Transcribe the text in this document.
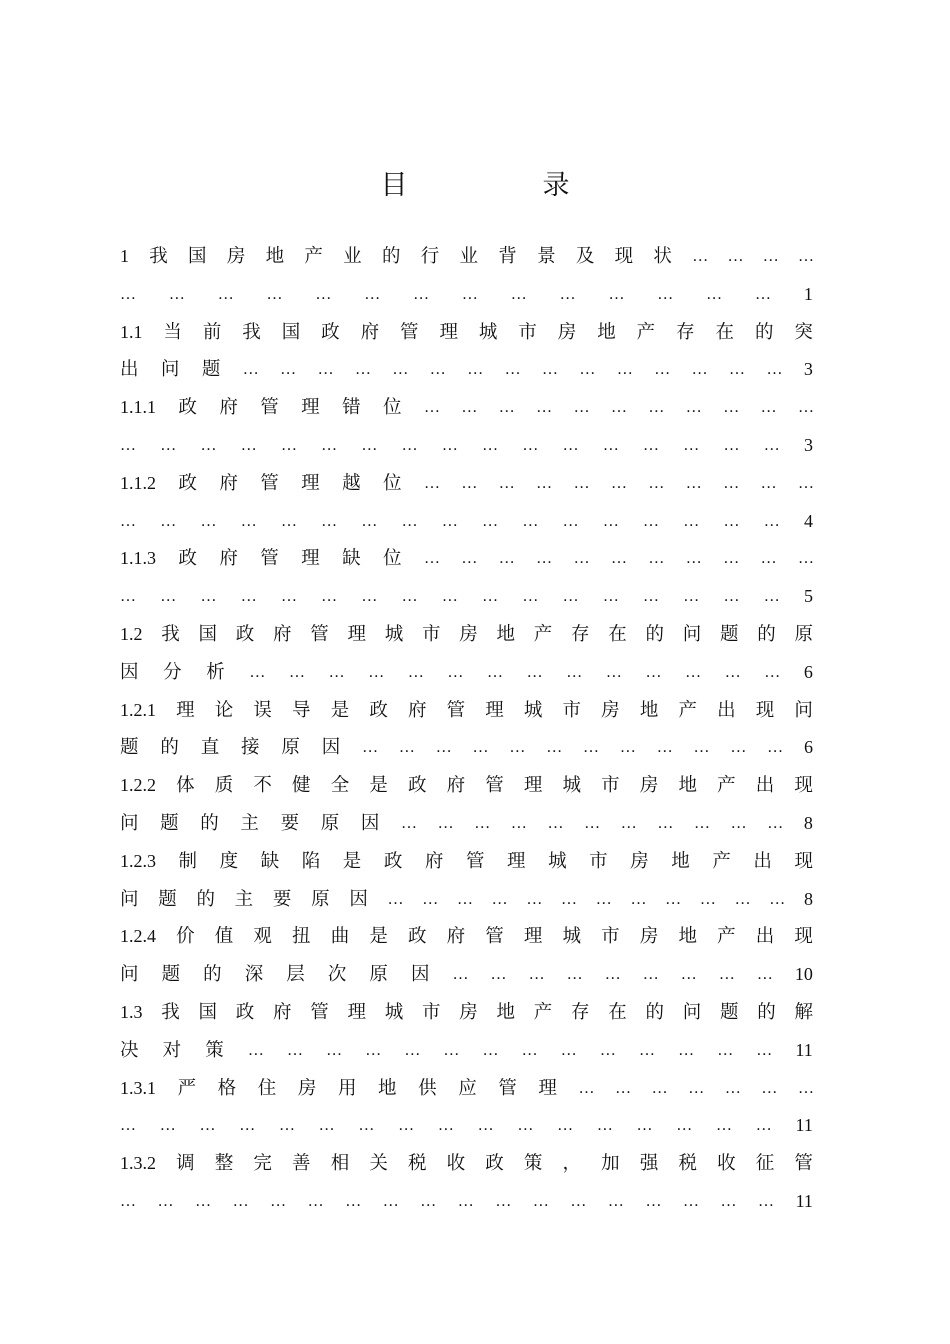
目　录
1 我 国 房 地 产 业 的 行 业 背 景 及 现 状 … … … …
… … … … … … … … … … … … … … 1
1.1 当 前 我 国 政 府 管 理 城 市 房 地 产 存 在 的 突
出 问 题 … … … … … … … … … … … … … … … 3
1.1.1 政 府 管 理 错 位 … … … … … … … … … … …
… … … … … … … … … … … … … … … … … 3
1.1.2 政 府 管 理 越 位 … … … … … … … … … … …
… … … … … … … … … … … … … … … … … 4
1.1.3 政 府 管 理 缺 位 … … … … … … … … … … …
… … … … … … … … … … … … … … … … … 5
1.2 我 国 政 府 管 理 城 市 房 地 产 存 在 的 问 题 的 原
因 分 析 … … … … … … … … … … … … … … 6
1.2.1 理 论 误 导 是 政 府 管 理 城 市 房 地 产 出 现 问
题 的 直 接 原 因 … … … … … … … … … … … … 6
1.2.2 体 质 不 健 全 是 政 府 管 理 城 市 房 地 产 出 现
问 题 的 主 要 原 因 … … … … … … … … … … … 8
1.2.3 制 度 缺 陷 是 政 府 管 理 城 市 房 地 产 出 现
问 题 的 主 要 原 因 … … … … … … … … … … … … 8
1.2.4 价 值 观 扭 曲 是 政 府 管 理 城 市 房 地 产 出 现
问 题 的 深 层 次 原 因 … … … … … … … … … 10
1.3 我 国 政 府 管 理 城 市 房 地 产 存 在 的 问 题 的 解
决 对 策 … … … … … … … … … … … … … … 11
1.3.1 严 格 住 房 用 地 供 应 管 理 … … … … … … …
… … … … … … … … … … … … … … … … … 11
1.3.2 调 整 完 善 相 关 税 收 政 策 ， 加 强 税 收 征 管
… … … … … … … … … … … … … … … … … … 11
